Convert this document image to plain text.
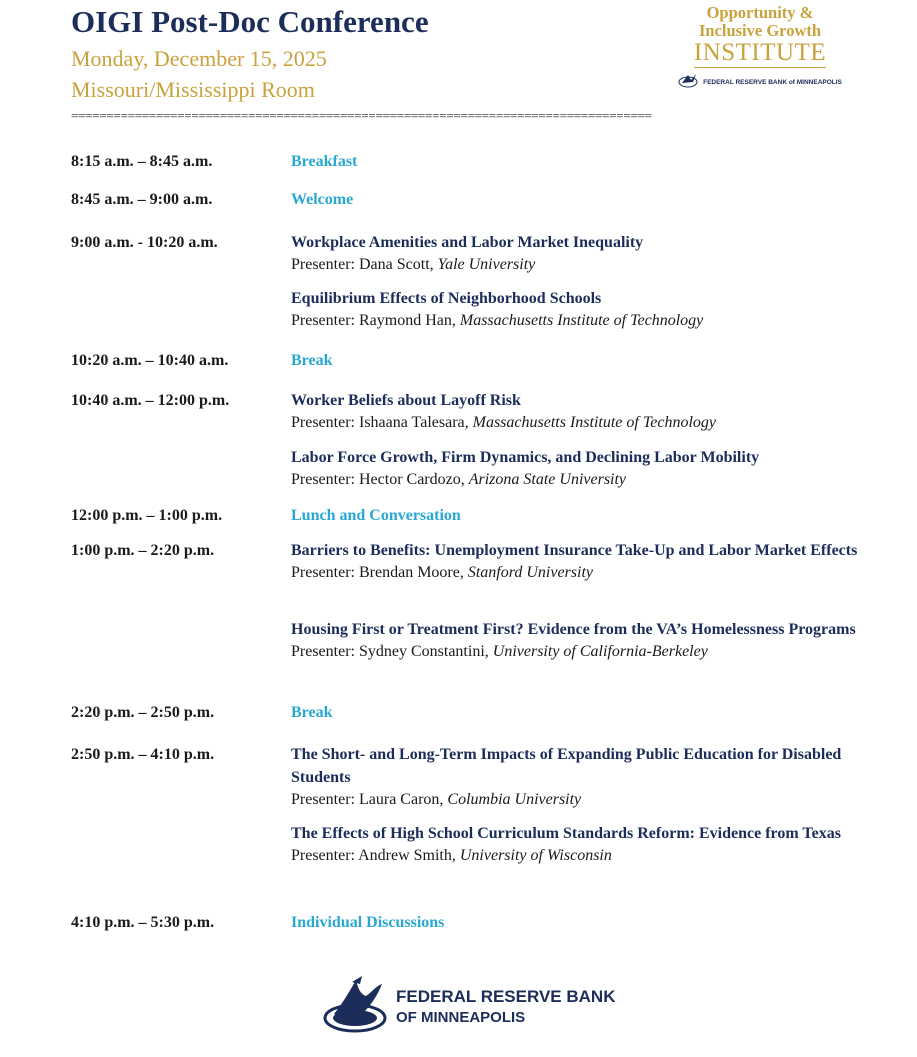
OIGI Post-Doc Conference
Monday, December 15, 2025
Missouri/Mississippi Room
==================================================================================
Opportunity &
Inclusive Growth
INSTITUTE
FEDERAL RESERVE BANK of MINNEAPOLIS
8:15 a.m. – 8:45 a.m.	Breakfast
8:45 a.m. – 9:00 a.m.	Welcome
9:00 a.m. - 10:20 a.m.	Workplace Amenities and Labor Market Inequality
Presenter: Dana Scott, Yale University
Equilibrium Effects of Neighborhood Schools
Presenter: Raymond Han, Massachusetts Institute of Technology
10:20 a.m. – 10:40 a.m.	Break
10:40 a.m. – 12:00 p.m.	Worker Beliefs about Layoff Risk
Presenter: Ishaana Talesara, Massachusetts Institute of Technology
Labor Force Growth, Firm Dynamics, and Declining Labor Mobility
Presenter: Hector Cardozo, Arizona State University
12:00 p.m. – 1:00 p.m.	Lunch and Conversation
1:00 p.m. – 2:20 p.m.	Barriers to Benefits: Unemployment Insurance Take-Up and Labor Market Effects
Presenter: Brendan Moore, Stanford University
Housing First or Treatment First? Evidence from the VA’s Homelessness Programs
Presenter: Sydney Constantini, University of California-Berkeley
2:20 p.m. – 2:50 p.m.	Break
2:50 p.m. – 4:10 p.m.	The Short- and Long-Term Impacts of Expanding Public Education for Disabled Students
Presenter: Laura Caron, Columbia University
The Effects of High School Curriculum Standards Reform: Evidence from Texas
Presenter: Andrew Smith, University of Wisconsin
4:10 p.m. – 5:30 p.m.	Individual Discussions
FEDERAL RESERVE BANK
OF MINNEAPOLIS
